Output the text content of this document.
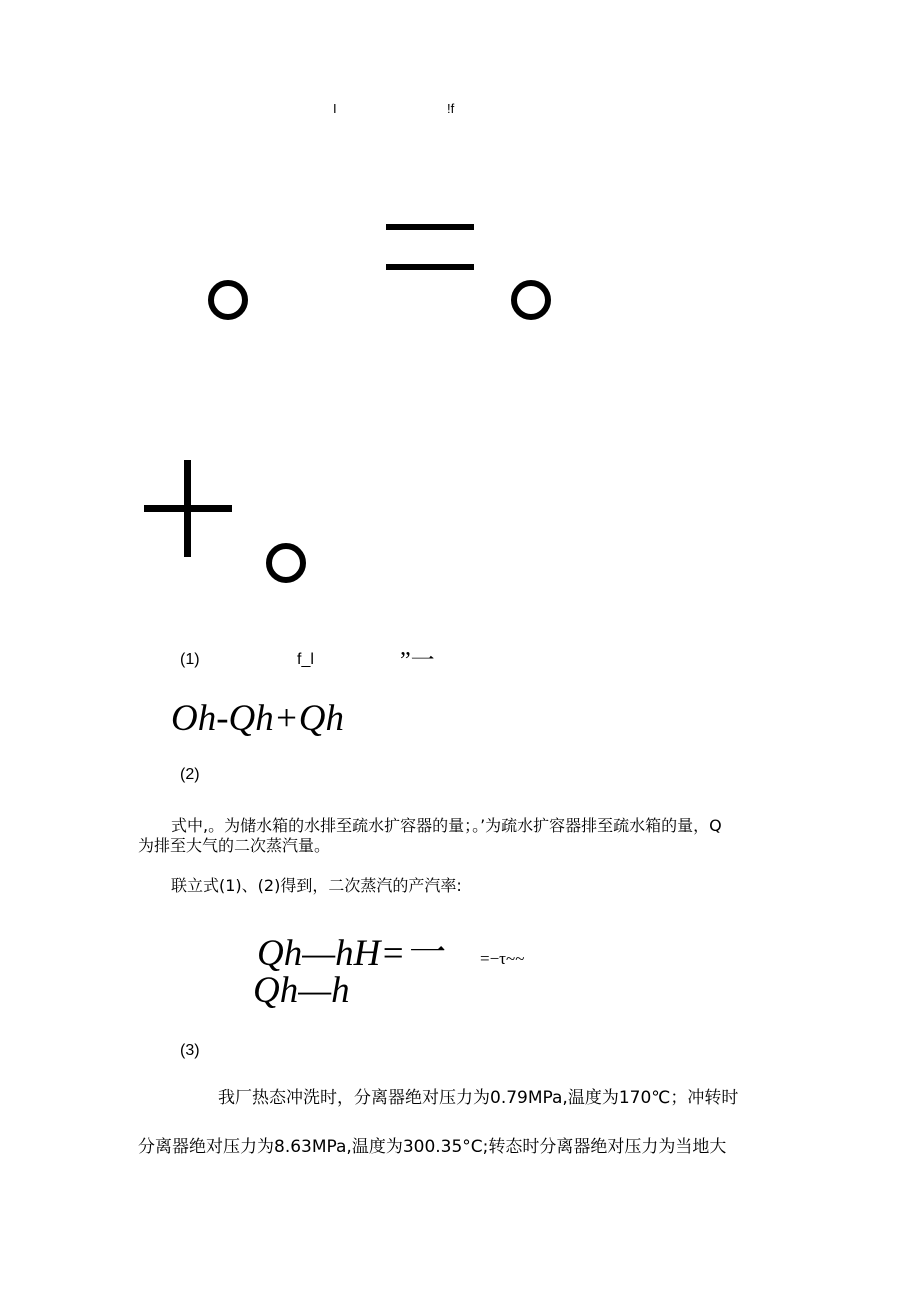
I	!f
(1)	f_l	”一
Oh-Qh+Qh
(2)
式中,。为储水箱的水排至疏水扩容器的量；。’为疏水扩容器排至疏水箱的量，Q
为排至大气的二次蒸汽量。
联立式(1)、(2)得到，二次蒸汽的产汽率:
Qh—hH=一 =−τ~~
Qh—h
(3)
我厂热态冲洗时，分离器绝对压力为0.79MPa,温度为170℃；冲转时
分离器绝对压力为8.63MPa,温度为300.35°C;转态时分离器绝对压力为当地大
